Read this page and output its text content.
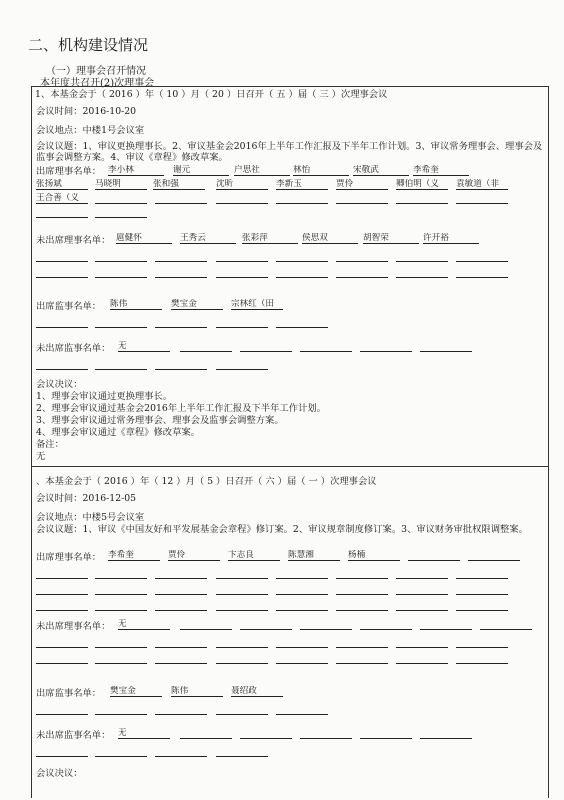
二、机构建设情况
（一）理事会召开情况
本年度共召开(2)次理事会
1、本基金会于（ 2016 ）年（ 10 ）月（ 20 ）日召开（ 五 ）届（ 三 ）次理事会议
会议时间：2016-10-20
会议地点：中楼1号会议室
会议议题：1、审议更换理事长。2、审议基金会2016年上半年工作汇报及下半年工作计划。3、审议常务理事会、理事会及监事会调整方案。4、审议《章程》修改草案。
出席理事名单： 李小林 、	谢元 、	户思社 、	林怡 、	宋敬武 、	李希奎 、
张扬斌 、	马晓明 、	张和强 、	沈昕 、	李新玉 、	贾伶 、	卿伯明（义 、	袁敏道（非 、
王合善（义 、
未出席理事名单： 扈健怀 、	王秀云 、	张彩萍 、	侯思双 、	胡智荣 、	许开裕 、
出席监事名单： 陈伟 、	樊宝金 、	宗林红（田 、
未出席监事名单： 无 、
会议决议：
1、理事会审议通过更换理事长。
2、理事会审议通过基金会2016年上半年工作汇报及下半年工作计划。
3、理事会审议通过常务理事会、理事会及监事会调整方案。
4、理事会审议通过《章程》修改草案。
备注：
无
、本基金会于（ 2016 ）年（ 12 ）月（ 5 ）日召开（ 六 ）届（ 一 ）次理事会议
会议时间：2016-12-05
会议地点：中楼5号会议室
会议议题：1、审议《中国友好和平发展基金会章程》修订案。2、审议规章制度修订案。3、审议财务审批权限调整案。
出席理事名单： 李希奎 、	贾伶 、	卞志良 、	陈慧湘 、	杨楠 、
未出席理事名单： 无 、
出席监事名单： 樊宝金 、	陈伟 、	聂绍政 、
未出席监事名单： 无 、
会议决议：
